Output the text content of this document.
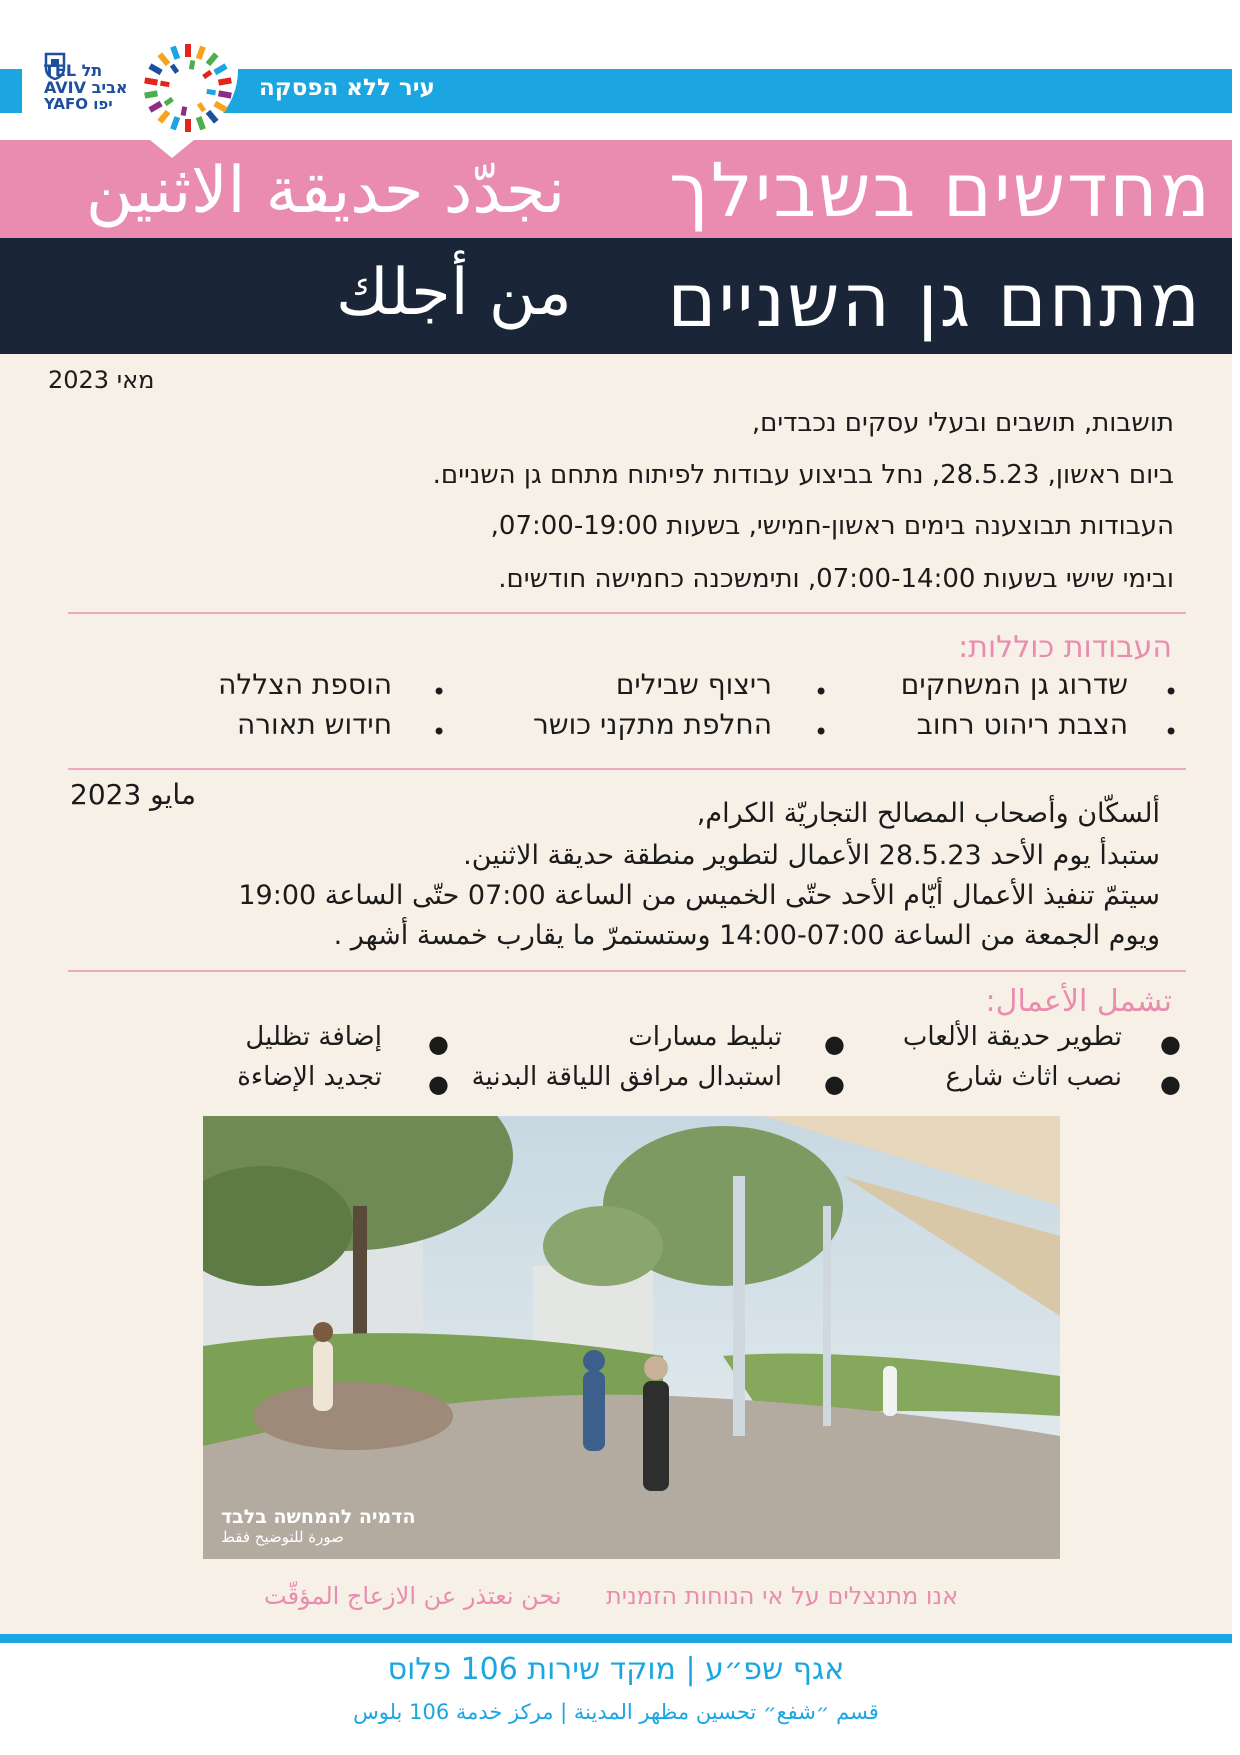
עיר ללא הפסקה
TEL תל
AVIV אביב
YAFO יפו
מחדשים בשבילך
نجدّد حديقة الاثنين
מתחם גן השניים
من أجلك
מאי 2023
תושבות, תושבים ובעלי עסקים נכבדים,
ביום ראשון, 28.5.23, נחל בביצוע עבודות לפיתוח מתחם גן השניים.
העבודות תבוצענה בימים ראשון-חמישי, בשעות 07:00-19:00,
ובימי שישי בשעות 07:00-14:00, ותימשכנה כחמישה חודשים.
העבודות כוללות:
•
שדרוג גן המשחקים
•
ריצוף שבילים
•
הוספת הצללה
•
הצבת ריהוט רחוב
•
החלפת מתקני כושר
•
חידוש תאורה
مايو 2023
ألسكّان وأصحاب المصالح التجاريّة الكرام,
ستبدأ يوم الأحد 28.5.23 الأعمال لتطوير منطقة حديقة الاثنين.
سيتمّ تنفيذ الأعمال أيّام الأحد حتّى الخميس من الساعة 07:00 حتّى الساعة 19:00
ويوم الجمعة من الساعة 07:00-14:00 وستستمرّ ما يقارب خمسة أشهر .
تشمل الأعمال:
●
تطوير حديقة الألعاب
●
تبليط مسارات
●
إضافة تظليل
●
نصب اثاث شارع
●
استبدال مرافق اللياقة البدنية
●
تجديد الإضاءة
הדמיה להמחשה בלבד
صورة للتوضيح فقط
אנו מתנצלים על אי הנוחות הזמנית
نحن نعتذر عن الازعاج المؤقّت
אגף שפ״ע | מוקד שירות 106 פלוס
قسم ״شفع״ تحسين مظهر المدينة | مركز خدمة 106 بلوس
